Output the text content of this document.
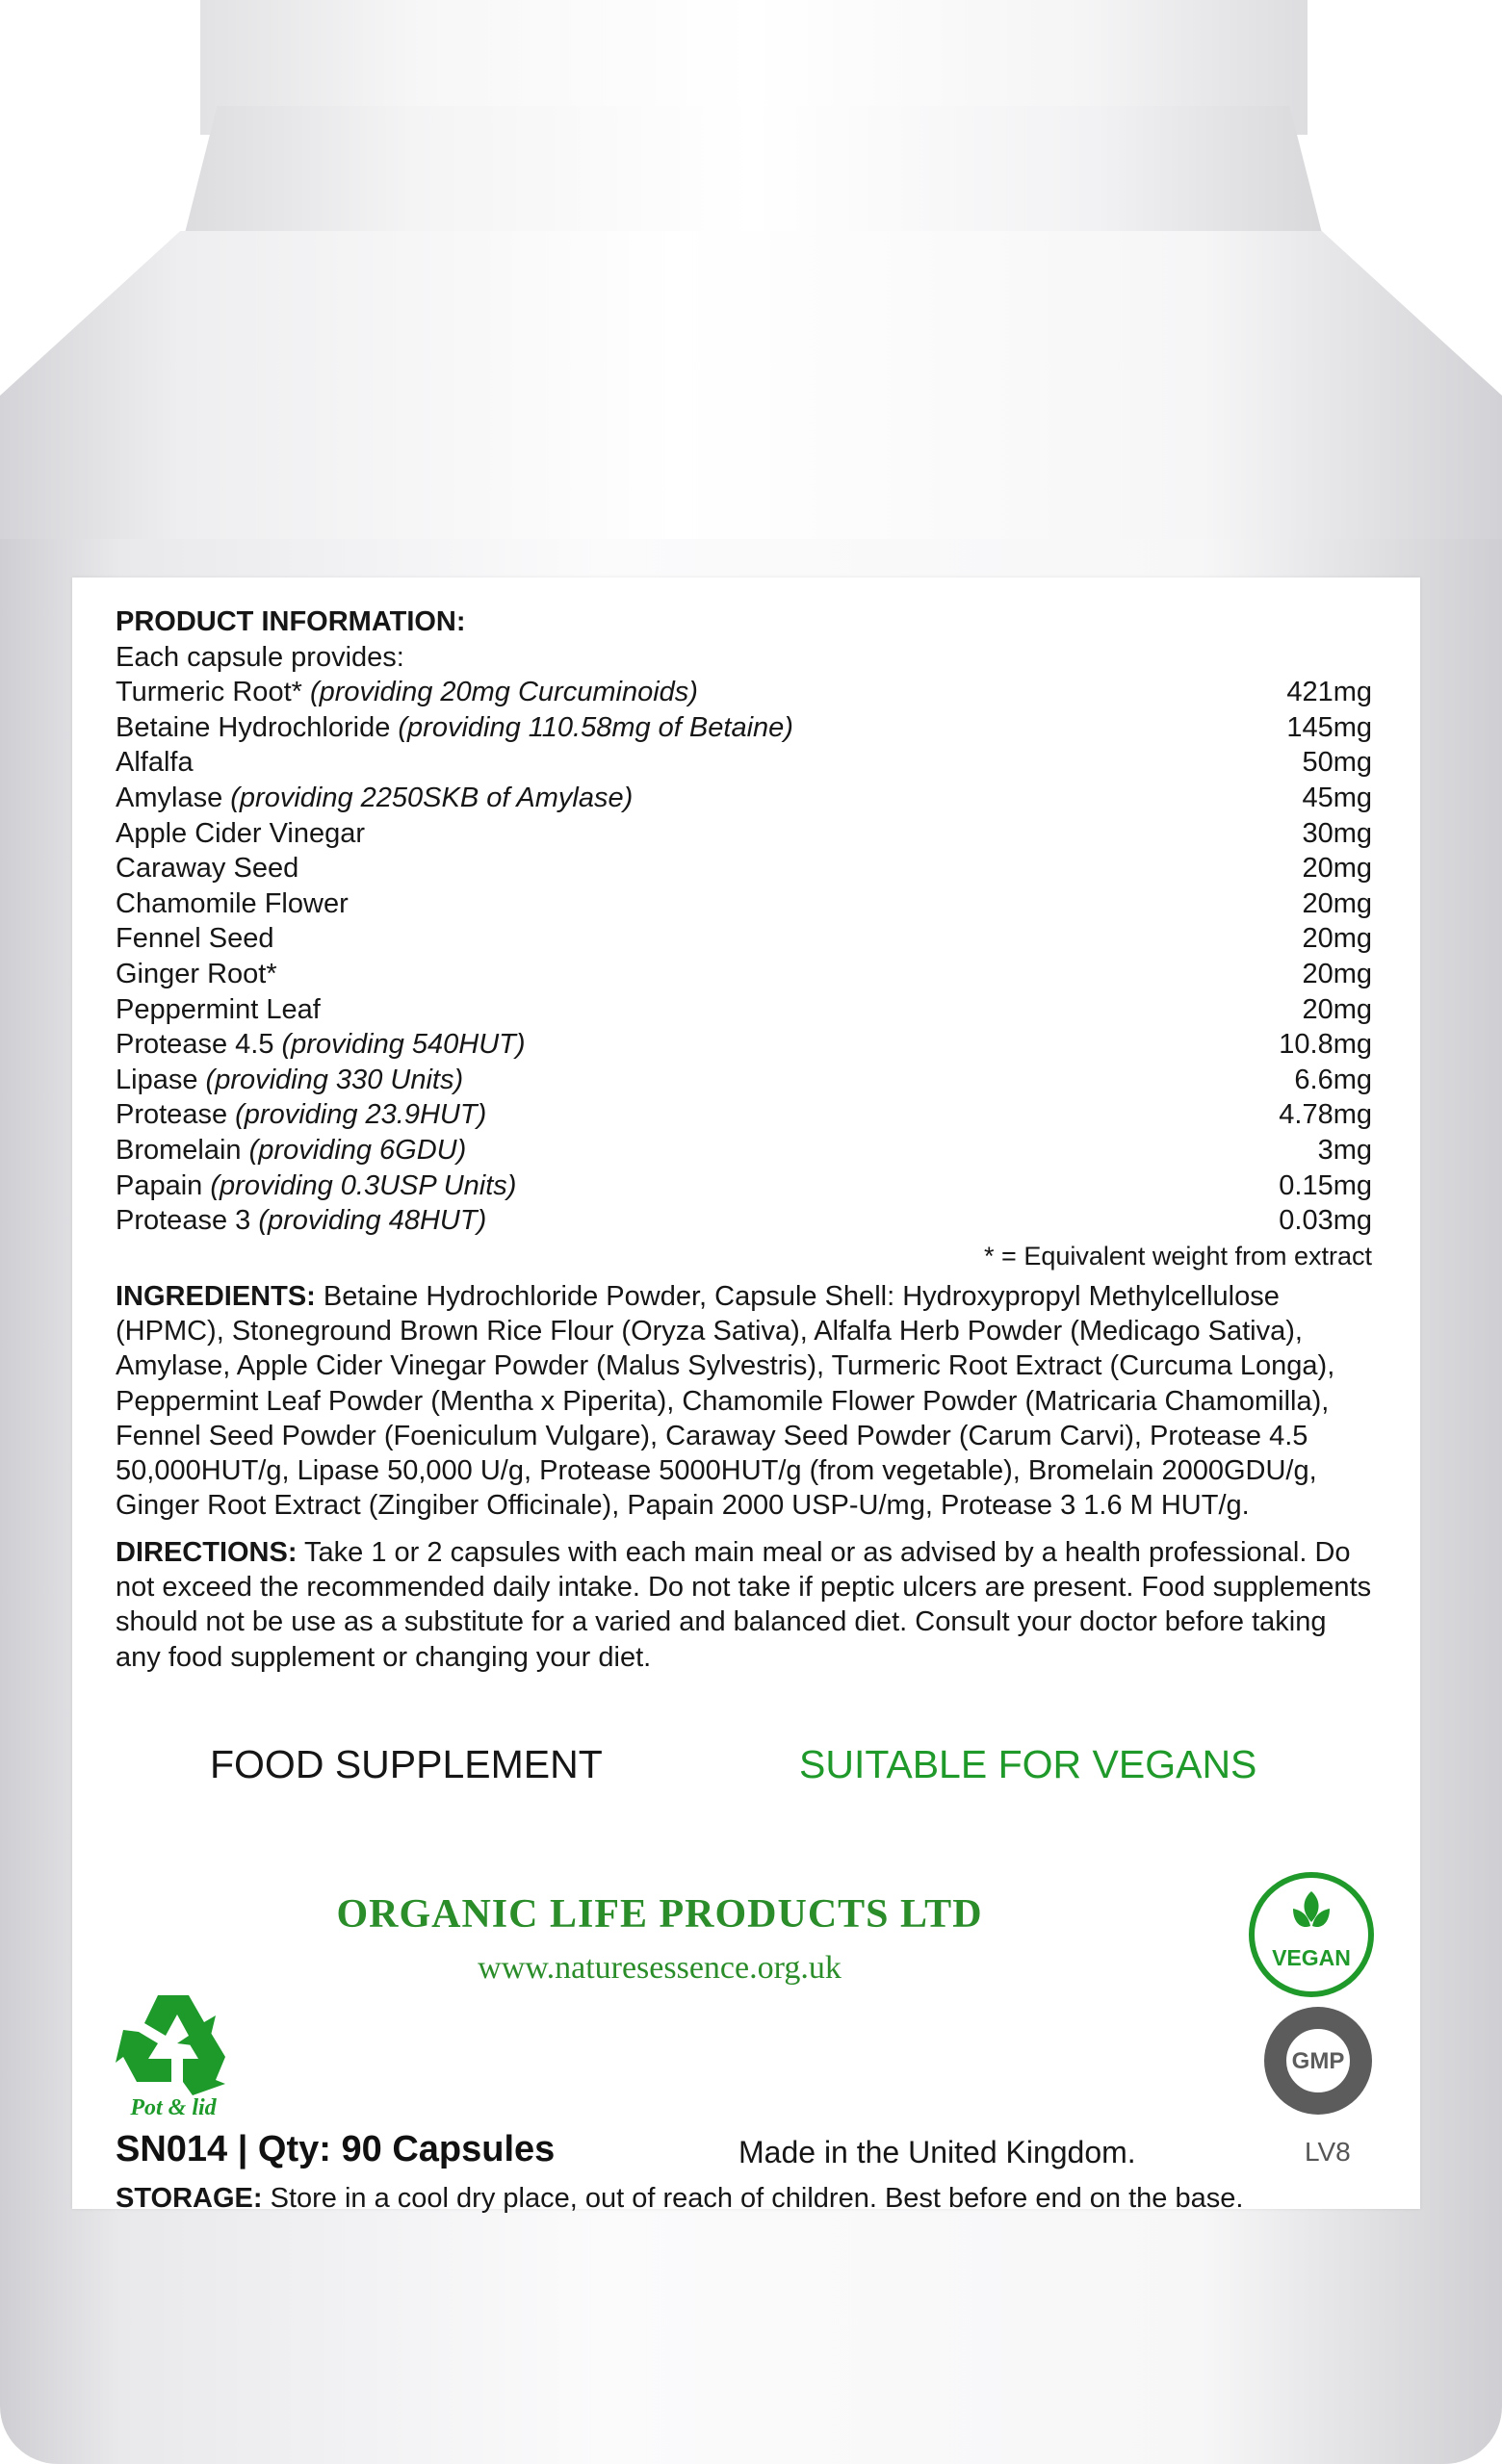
PRODUCT INFORMATION:
Each capsule provides:
Turmeric Root* (providing 20mg Curcuminoids)	421mg
Betaine Hydrochloride (providing 110.58mg of Betaine)	145mg
Alfalfa	50mg
Amylase (providing 2250SKB of Amylase)	45mg
Apple Cider Vinegar	30mg
Caraway Seed	20mg
Chamomile Flower	20mg
Fennel Seed	20mg
Ginger Root*	20mg
Peppermint Leaf	20mg
Protease 4.5 (providing 540HUT)	10.8mg
Lipase (providing 330 Units)	6.6mg
Protease (providing 23.9HUT)	4.78mg
Bromelain (providing 6GDU)	3mg
Papain (providing 0.3USP Units)	0.15mg
Protease 3 (providing 48HUT)	0.03mg
* = Equivalent weight from extract
INGREDIENTS: Betaine Hydrochloride Powder, Capsule Shell: Hydroxypropyl Methylcellulose (HPMC), Stoneground Brown Rice Flour (Oryza Sativa), Alfalfa Herb Powder (Medicago Sativa), Amylase, Apple Cider Vinegar Powder (Malus Sylvestris), Turmeric Root Extract (Curcuma Longa), Peppermint Leaf Powder (Mentha x Piperita), Chamomile Flower Powder (Matricaria Chamomilla), Fennel Seed Powder (Foeniculum Vulgare), Caraway Seed Powder (Carum Carvi), Protease 4.5 50,000HUT/g, Lipase 50,000 U/g, Protease 5000HUT/g (from vegetable), Bromelain 2000GDU/g, Ginger Root Extract (Zingiber Officinale), Papain 2000 USP-U/mg, Protease 3 1.6 M HUT/g.
DIRECTIONS: Take 1 or 2 capsules with each main meal or as advised by a health professional. Do not exceed the recommended daily intake. Do not take if peptic ulcers are present. Food supplements should not be use as a substitute for a varied and balanced diet. Consult your doctor before taking any food supplement or changing your diet.
FOOD SUPPLEMENT	SUITABLE FOR VEGANS
ORGANIC LIFE PRODUCTS LTD
www.naturesessence.org.uk
Pot & lid
VEGAN
GMP
SN014 | Qty: 90 Capsules	Made in the United Kingdom.	LV8
STORAGE: Store in a cool dry place, out of reach of children. Best before end on the base.
